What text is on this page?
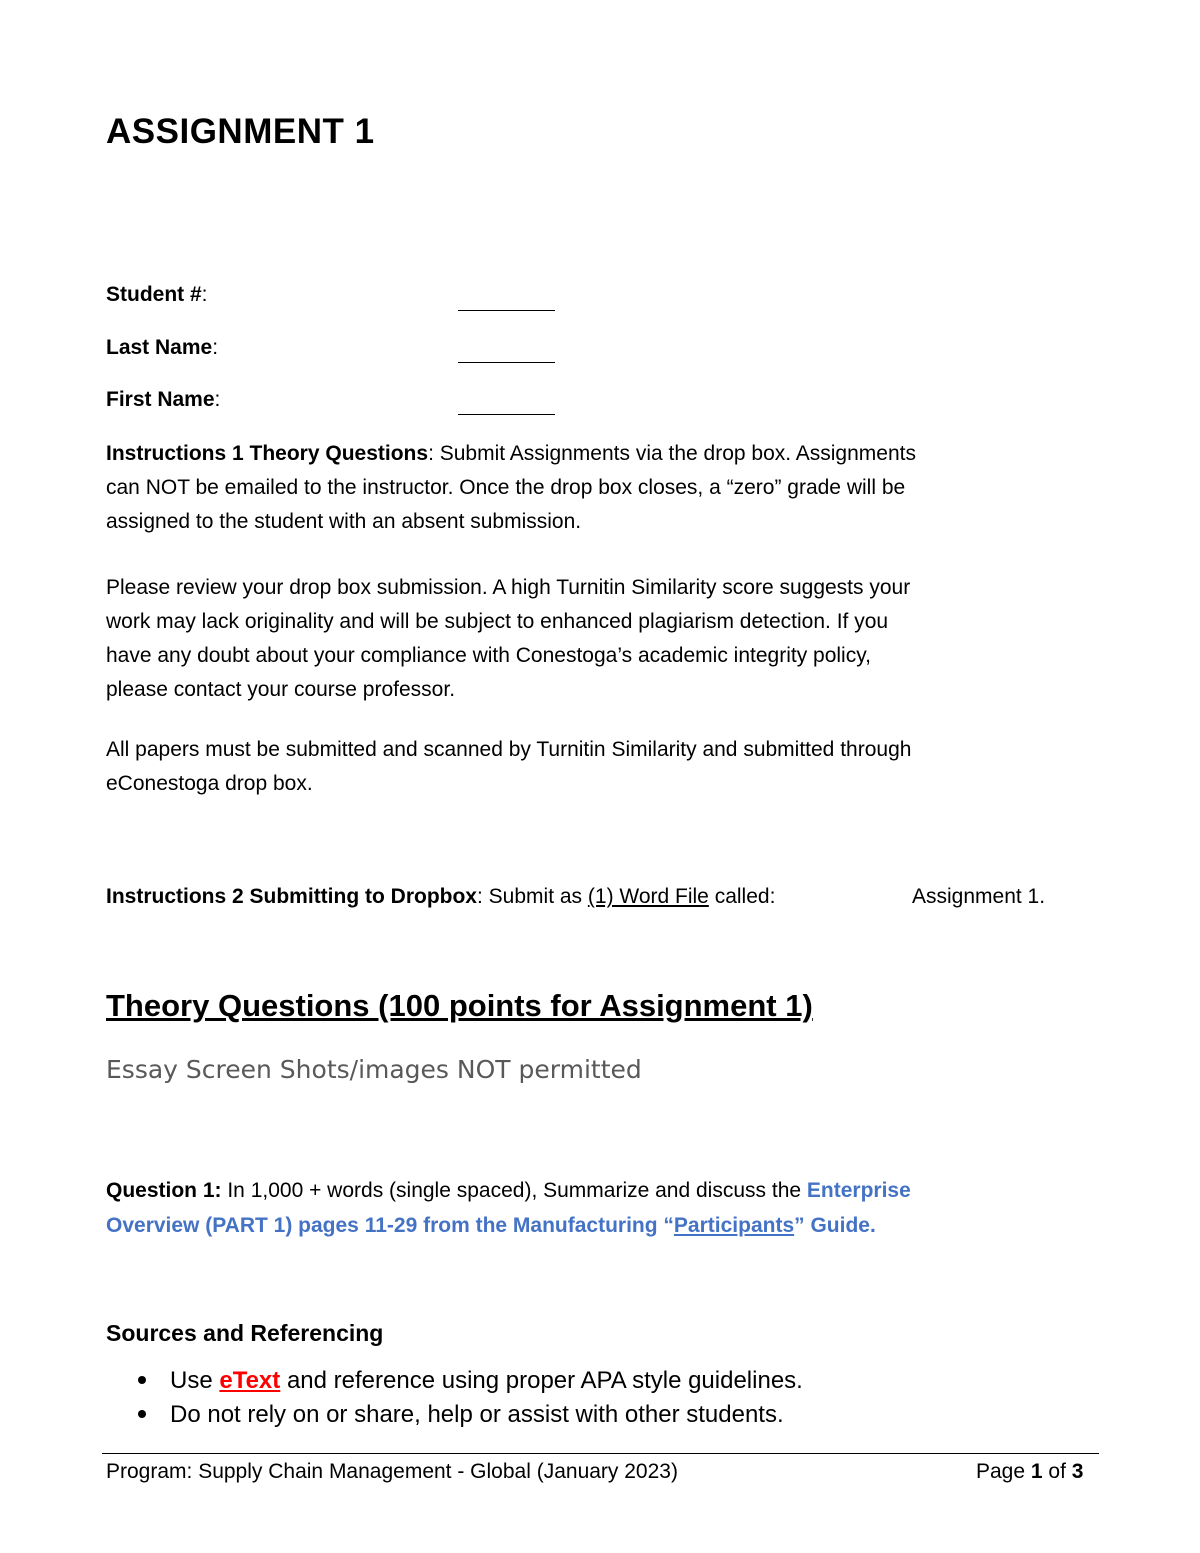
ASSIGNMENT 1
Student #:
Last Name:
First Name:
Instructions 1 Theory Questions: Submit Assignments via the drop box. Assignments
can NOT be emailed to the instructor. Once the drop box closes, a “zero” grade will be
assigned to the student with an absent submission.
Please review your drop box submission. A high Turnitin Similarity score suggests your
work may lack originality and will be subject to enhanced plagiarism detection. If you
have any doubt about your compliance with Conestoga’s academic integrity policy,
please contact your course professor.
All papers must be submitted and scanned by Turnitin Similarity and submitted through
eConestoga drop box.
Instructions 2 Submitting to Dropbox: Submit as (1) Word File called:	Assignment 1.
Theory Questions (100 points for Assignment 1)
Essay Screen Shots/images NOT permitted
Question 1: In 1,000 + words (single spaced), Summarize and discuss the Enterprise
Overview (PART 1) pages 11-29 from the Manufacturing “Participants” Guide.
Sources and Referencing
Use eText and reference using proper APA style guidelines.
Do not rely on or share, help or assist with other students.
Program: Supply Chain Management - Global (January 2023)	Page 1 of 3
